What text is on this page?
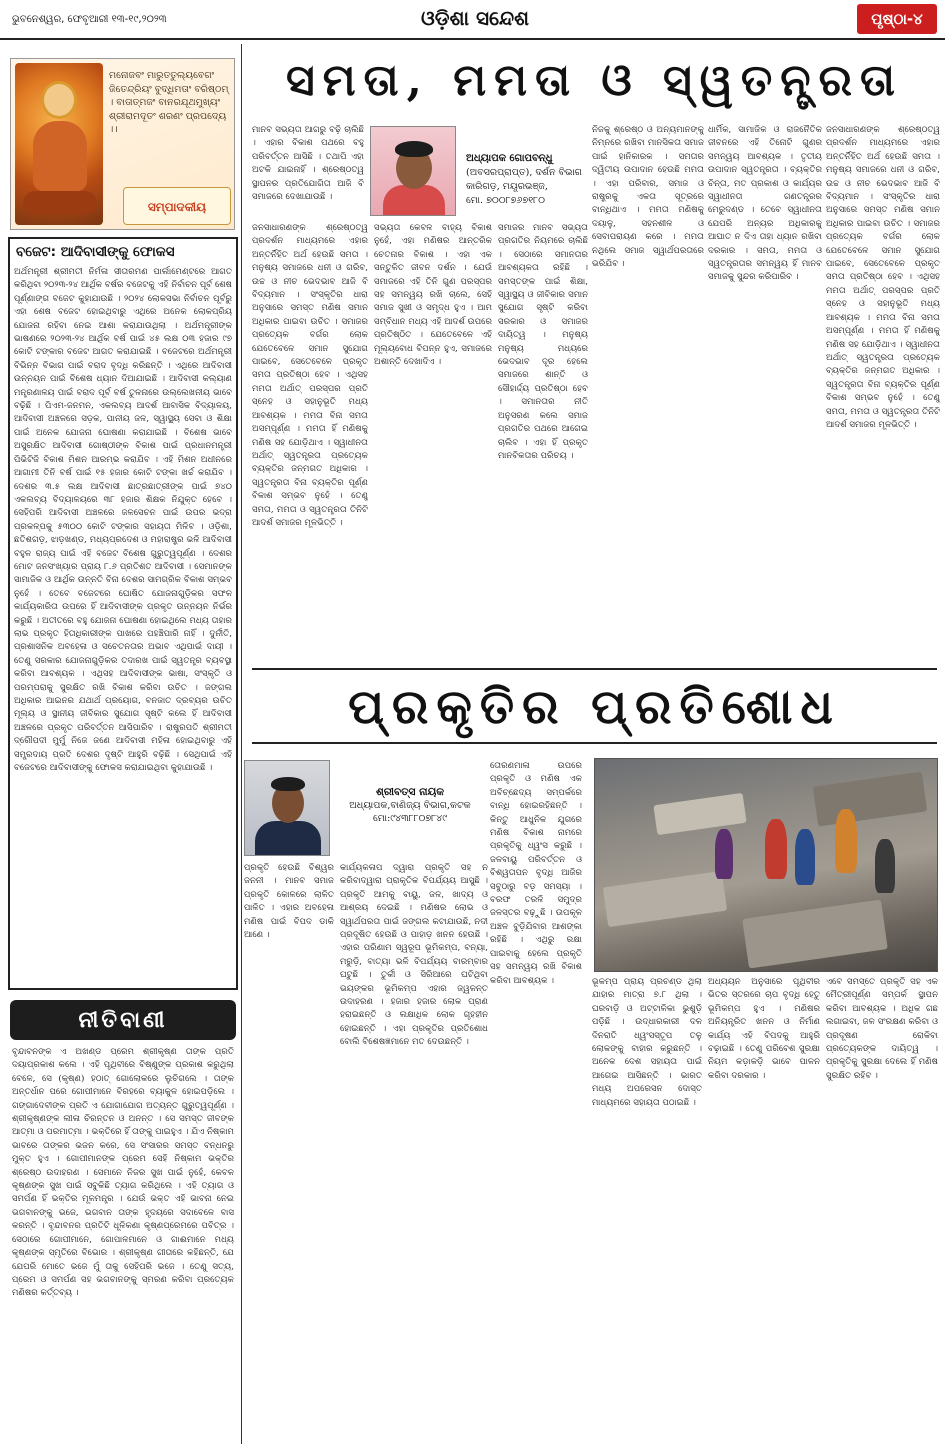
ଭୁବନେଶ୍ୱର, ଫେବୃଆରୀ ୧୩-୧୯,୨୦୨୩	ଓଡ଼ିଶା ସନ୍ଦେଶ	ପୃଷ୍ଠା-୪
ମନୋଜବଂ ମାରୁତତୁଲ୍ୟବେଗଂ ଜିତେନ୍ଦ୍ରିୟଂ ବୁଦ୍ଧିମତାଂ ବରିଷ୍ଠମ୍ । ବାତାତ୍ମଜଂ ବାନରଯୂଥମୁଖ୍ୟଂ ଶ୍ରୀରାମଦୂତଂ ଶରଣଂ ପ୍ରପଦ୍ୟେ ।।
ସମ୍ପାଦକୀୟ
ବଜେଟ: ଆଦିବାସୀଙ୍କୁ ଫୋକସ
ଅର୍ଥମନ୍ତ୍ରୀ ଶ୍ରୀମତୀ ନିର୍ମଳା ସୀତାରମଣ ପାର୍ଲାମେଣ୍ଟରେ ଆଗତ କରିଥିବା ୨୦୨୩-୨୪ ଆର୍ଥିକ ବର୍ଷର ବଜେଟକୁ ଏହି ନିର୍ବାଚନ ପୂର୍ବ ଶେଷ ପୂର୍ଣ୍ଣାଙ୍ଗ ବଜେଟ କୁହାଯାଉଛି । ୨୦୨୪ ଲୋକସଭା ନିର୍ବାଚନ ପୂର୍ବରୁ ଏହା ଶେଷ ବଜେଟ ହୋଇଥିବାରୁ ଏଥିରେ ଅନେକ ଲୋକପ୍ରିୟ ଯୋଜନା ରହିବା ନେଇ ଆଶା କରାଯାଉଥିଲା । ଅର୍ଥମନ୍ତ୍ରୀଙ୍କ ଭାଷଣରେ ୨୦୨୩-୨୪ ଆର୍ଥିକ ବର୍ଷ ପାଇଁ ୪୫ ଲକ୍ଷ ୦୩ ହଜାର ୯୭ କୋଟି ଟଙ୍କାର ବଜେଟ ଆଗତ କରାଯାଇଛି । ବଜେଟରେ ଅର୍ଥମନ୍ତ୍ରୀ ବିଭିନ୍ନ ବିଭାଗ ପାଇଁ ବରାଦ ବୃଦ୍ଧି କରିଛନ୍ତି । ଏଥିରେ ଆଦିବାସୀ ଉନ୍ନୟନ ପାଇଁ ବିଶେଷ ଧ୍ୟାନ ଦିଆଯାଇଛି । ଆଦିବାସୀ କଲ୍ୟାଣ ମନ୍ତ୍ରଣାଳୟ ପାଇଁ ବରାଦ ପୂର୍ବ ବର୍ଷ ତୁଳନାରେ ଉଲ୍ଲେଖନୀୟ ଭାବେ ବଢ଼ିଛି । ପିଏମ-ଜନମନ, ଏକଲବ୍ୟ ଆଦର୍ଶ ଆବାସିକ ବିଦ୍ୟାଳୟ, ଆଦିବାସୀ ଅଞ୍ଚଳରେ ସଡ଼କ, ପାନୀୟ ଜଳ, ସ୍ୱାସ୍ଥ୍ୟ ସେବା ଓ ଶିକ୍ଷା ପାଇଁ ଅନେକ ଯୋଜନା ଘୋଷଣା କରାଯାଇଛି । ବିଶେଷ ଭାବେ ଅସୁରକ୍ଷିତ ଆଦିବାସୀ ଗୋଷ୍ଠୀଙ୍କ ବିକାଶ ପାଇଁ ପ୍ରଧାନମନ୍ତ୍ରୀ ପିଭିଟିଜି ବିକାଶ ମିଶନ ଆରମ୍ଭ କରାଯିବ । ଏହି ମିଶନ ଅଧୀନରେ ଆଗାମୀ ତିନି ବର୍ଷ ପାଇଁ ୧୫ ହଜାର କୋଟି ଟଙ୍କା ଖର୍ଚ୍ଚ କରାଯିବ । ଦେଶର ୩.୫ ଲକ୍ଷ ଆଦିବାସୀ ଛାତ୍ରଛାତ୍ରୀଙ୍କ ପାଇଁ ୭୪୦ ଏକଲବ୍ୟ ବିଦ୍ୟାଳୟରେ ୩୮ ହଜାର ଶିକ୍ଷକ ନିଯୁକ୍ତ ହେବେ । ସେହିପରି ଆଦିବାସୀ ଅଞ୍ଚଳରେ ଜଳସେଚନ ପାଇଁ ଉପର ଭଦ୍ରା ପ୍ରକଳ୍ପକୁ ୫୩୦୦ କୋଟି ଟଙ୍କାର ସହାୟତା ମିଳିବ । ଓଡ଼ିଶା, ଛତିଶଗଡ଼, ଝାଡ଼ଖଣ୍ଡ, ମଧ୍ୟପ୍ରଦେଶ ଓ ମହାରାଷ୍ଟ୍ର ଭଳି ଆଦିବାସୀ ବହୁଳ ରାଜ୍ୟ ପାଇଁ ଏହି ବଜେଟ ବିଶେଷ ଗୁରୁତ୍ୱପୂର୍ଣ୍ଣ । ଦେଶର ମୋଟ ଜନସଂଖ୍ୟାର ପ୍ରାୟ ୮.୬ ପ୍ରତିଶତ ଆଦିବାସୀ । ସେମାନଙ୍କ ସାମାଜିକ ଓ ଆର୍ଥିକ ଉନ୍ନତି ବିନା ଦେଶର ସାମଗ୍ରିକ ବିକାଶ ସମ୍ଭବ ନୁହେଁ । ତେବେ ବଜେଟରେ ଘୋଷିତ ଯୋଜନାଗୁଡ଼ିକର ସଫଳ କାର୍ଯ୍ୟକାରିତା ଉପରେ ହିଁ ଆଦିବାସୀଙ୍କ ପ୍ରକୃତ ଉନ୍ନୟନ ନିର୍ଭର କରୁଛି । ଅତୀତରେ ବହୁ ଯୋଜନା ଘୋଷଣା ହୋଇଥିଲେ ମଧ୍ୟ ତାହାର ଲାଭ ପ୍ରକୃତ ହିତାଧିକାରୀଙ୍କ ପାଖରେ ପହଞ୍ଚିପାରି ନାହିଁ । ଦୁର୍ନୀତି, ପ୍ରଶାସନିକ ଅବହେଳା ଓ ସଚେତନତାର ଅଭାବ ଏଥିପାଇଁ ଦାୟୀ । ତେଣୁ ସରକାର ଯୋଜନାଗୁଡ଼ିକର ତଦାରଖ ପାଇଁ ସ୍ୱତନ୍ତ୍ର ବ୍ୟବସ୍ଥା କରିବା ଆବଶ୍ୟକ । ଏଥିସହ ଆଦିବାସୀଙ୍କ ଭାଷା, ସଂସ୍କୃତି ଓ ପରମ୍ପରାକୁ ସୁରକ୍ଷିତ ରଖି ବିକାଶ କରିବା ଉଚିତ । ଜଙ୍ଗଲ ଅଧିକାର ଆଇନର ଯଥାର୍ଥ ପ୍ରୟୋଗ, ବନଜାତ ଦ୍ରବ୍ୟର ଉଚିତ ମୂଲ୍ୟ ଓ ସ୍ଥାନୀୟ ଜୀବିକାର ସୁଯୋଗ ସୃଷ୍ଟି କଲେ ହିଁ ଆଦିବାସୀ ଅଞ୍ଚଳରେ ପ୍ରକୃତ ପରିବର୍ତ୍ତନ ଆସିପାରିବ । ରାଷ୍ଟ୍ରପତି ଶ୍ରୀମତୀ ଦ୍ରୌପଦୀ ମୁର୍ମୁ ନିଜେ ଜଣେ ଆଦିବାସୀ ମହିଳା ହୋଇଥିବାରୁ ଏହି ସମ୍ପ୍ରଦାୟ ପ୍ରତି ଦେଶର ଦୃଷ୍ଟି ଆହୁରି ବଢ଼ିଛି । ସେଥିପାଇଁ ଏହି ବଜେଟରେ ଆଦିବାସୀଙ୍କୁ ଫୋକସ କରାଯାଇଥିବା କୁହାଯାଉଛି ।
ନୀତିବାଣୀ
ବୃନ୍ଦାବନଙ୍କ ଏ ଅଖଣ୍ଡ ପ୍ରେମ ଶ୍ରୀକୃଷ୍ଣ ତାଙ୍କ ପ୍ରତି ଦୟାପ୍ରକାଶ କଲେ । ଏହି ପୃଥିବୀରେ ବିଷ୍ଣୁଙ୍କ ପ୍ରକାଶ କରୁଥିଲା ବେଳେ, ସେ (କୃଷ୍ଣ) ହଠାତ୍ ଗୋଲୋକରେ ଲୁଚିଗଲେ । ତାଙ୍କ ଅନ୍ତର୍ଧାନ ପରେ ଗୋପୀମାନେ ବିରହରେ ବ୍ୟାକୁଳ ହୋଇପଡ଼ିଲେ । ଗଙ୍ଗାଦେବୀଙ୍କ ପ୍ରତି ଏ ଯୋଗାଯୋଗ ଅତ୍ୟନ୍ତ ଗୁରୁତ୍ୱପୂର୍ଣ୍ଣ । ଶ୍ରୀକୃଷ୍ଣଙ୍କ ଲୀଳା ଚିରନ୍ତନ ଓ ଅନନ୍ତ । ସେ ସମସ୍ତ ଜୀବଙ୍କ ଆତ୍ମା ଓ ପରମାତ୍ମା । ଭକ୍ତିରେ ହିଁ ତାଙ୍କୁ ପାଇହୁଏ । ଯିଏ ନିଷ୍କାମ ଭାବରେ ତାଙ୍କର ଭଜନ କରେ, ସେ ସଂସାରର ସମସ୍ତ ବନ୍ଧନରୁ ମୁକ୍ତ ହୁଏ । ଗୋପୀମାନଙ୍କ ପ୍ରେମ ସେହି ନିଷ୍କାମ ଭକ୍ତିର ଶ୍ରେଷ୍ଠ ଉଦାହରଣ । ସେମାନେ ନିଜର ସୁଖ ପାଇଁ ନୁହେଁ, କେବଳ କୃଷ୍ଣଙ୍କ ସୁଖ ପାଇଁ ସବୁକିଛି ତ୍ୟାଗ କରିଥିଲେ । ଏହି ତ୍ୟାଗ ଓ ସମର୍ପଣ ହିଁ ଭକ୍ତିର ମୂଳମନ୍ତ୍ର । ଯେଉଁ ଭକ୍ତ ଏହି ଭାବନା ନେଇ ଭଗବାନଙ୍କୁ ଭଜେ, ଭଗବାନ ତାଙ୍କ ହୃଦୟରେ ସଦାବେଳେ ବାସ କରନ୍ତି । ବୃନ୍ଦାବନର ପ୍ରତିଟି ଧୂଳିକଣା କୃଷ୍ଣପ୍ରେମରେ ପବିତ୍ର । ସେଠାରେ ଗୋପୀମାନେ, ଗୋପାଳମାନେ ଓ ଗାଈମାନେ ମଧ୍ୟ କୃଷ୍ଣଙ୍କ ସ୍ମୃତିରେ ବିଭୋର । ଶ୍ରୀକୃଷ୍ଣ ଗୀତାରେ କହିଛନ୍ତି, ଯେ ଯେପରି ମୋତେ ଭଜେ ମୁଁ ତାକୁ ସେହିପରି ଭଜେ । ତେଣୁ ସତ୍ୟ, ପ୍ରେମ ଓ ସମର୍ପଣ ସହ ଭଗବାନଙ୍କୁ ସ୍ମରଣ କରିବା ପ୍ରତ୍ୟେକ ମଣିଷର କର୍ତ୍ତବ୍ୟ ।
ସମତା, ମମତା ଓ ସ୍ୱତନ୍ତ୍ରତା
ଅଧ୍ୟାପକ ଗୋପବନ୍ଧୁ
(ଅବସରପ୍ରାପ୍ତ), ଦର୍ଶନ ବିଭାଗ
କାରିଗଡ଼, ମୟୂରଭଞ୍ଜ,
ମୋ. ୭୦୦୮୭୬୭୧୮୦
ମାନବ ସଭ୍ୟତା ଆଗରୁ ବଢ଼ି ଚାଲିଛି । ଏହାର ବିକାଶ ପଥରେ ବହୁ ପରିବର୍ତ୍ତନ ଆସିଛି । ତଥାପି ଏହା ଅଟକି ଯାଇନାହିଁ । ଶ୍ରେଷ୍ଠତ୍ୱ ସ୍ଥାପନର ପ୍ରତିଯୋଗିତା ଆଜି ବି ସମାଜରେ ଦେଖାଯାଉଛି ।
ଜନସାଧାରଣଙ୍କ ଶ୍ରେଷ୍ଠତ୍ୱ ପ୍ରଦର୍ଶନ ମାଧ୍ୟମରେ ଏହାର ଅନ୍ତର୍ନିହିତ ଅର୍ଥ ହେଉଛି ସମତା । ମନୁଷ୍ୟ ସମାଜରେ ଧନୀ ଓ ଗରିବ, ଉଚ୍ଚ ଓ ନୀଚ ଭେଦଭାବ ଆଜି ବି ବିଦ୍ୟମାନ । ସଂସ୍କୃତିର ଧାରା ଅନୁସାରେ ସମସ୍ତ ମଣିଷ ସମାନ ଅଧିକାର ପାଇବା ଉଚିତ । ସମାଜର ପ୍ରତ୍ୟେକ ବର୍ଗର ଲୋକ ଯେତେବେଳେ ସମାନ ସୁଯୋଗ ପାଇବେ, ସେତେବେଳେ ପ୍ରକୃତ ସମତା ପ୍ରତିଷ୍ଠା ହେବ । ଏଥିସହ ମମତା ଅର୍ଥାତ୍ ପରସ୍ପର ପ୍ରତି ସ୍ନେହ ଓ ସହାନୁଭୂତି ମଧ୍ୟ ଆବଶ୍ୟକ । ମମତା ବିନା ସମତା ଅସମ୍ପୂର୍ଣ୍ଣ । ମମତା ହିଁ ମଣିଷକୁ ମଣିଷ ସହ ଯୋଡ଼ିଥାଏ । ସ୍ୱାଧୀନତା ଅର୍ଥାତ୍ ସ୍ୱତନ୍ତ୍ରତା ପ୍ରତ୍ୟେକ ବ୍ୟକ୍ତିର ଜନ୍ମଗତ ଅଧିକାର । ସ୍ୱତନ୍ତ୍ରତା ବିନା ବ୍ୟକ୍ତିର ପୂର୍ଣ୍ଣ ବିକାଶ ସମ୍ଭବ ନୁହେଁ । ତେଣୁ ସମତା, ମମତା ଓ ସ୍ୱତନ୍ତ୍ରତା ତିନିଟି ଆଦର୍ଶ ସମାଜର ମୂଳଭିତ୍ତି ।
ସଭ୍ୟତା କେବଳ ବାହ୍ୟ ବିକାଶ ନୁହେଁ, ଏହା ମଣିଷର ଆନ୍ତରିକ ଚେତନାର ବିକାଶ । ଏହା ଏକ ସନ୍ତୁଳିତ ଜୀବନ ଦର୍ଶନ । ଯେଉଁ ସମାଜରେ ଏହି ତିନି ଗୁଣ ପରସ୍ପର ସହ ସମନ୍ୱୟ ରଖି ଚାଲେ, ସେହି ସମାଜ ସୁଖୀ ଓ ସମୃଦ୍ଧ ହୁଏ । ଆମ ସମ୍ବିଧାନ ମଧ୍ୟ ଏହି ଆଦର୍ଶ ଉପରେ ପ୍ରତିଷ୍ଠିତ । ଯେତେବେଳେ ଏହି ମୂଲ୍ୟବୋଧ ବିପନ୍ନ ହୁଏ, ସମାଜରେ ଅଶାନ୍ତି ଦେଖାଦିଏ ।
ସମାଜର ମାନବ ସଭ୍ୟତା ପ୍ରଗତିର ନିୟମରେ ଚାଲିଛି । ସେଠାରେ ସମାନତାର ଆବଶ୍ୟକତା ରହିଛି । ସମସ୍ତଙ୍କ ପାଇଁ ଶିକ୍ଷା, ସ୍ୱାସ୍ଥ୍ୟ ଓ ଜୀବିକାର ସମାନ ସୁଯୋଗ ସୃଷ୍ଟି କରିବା ସରକାର ଓ ସମାଜର ଦାୟିତ୍ୱ । ମନୁଷ୍ୟ ମନୁଷ୍ୟ ମଧ୍ୟରେ ଭେଦଭାବ ଦୂର ହେଲେ ସମାଜରେ ଶାନ୍ତି ଓ ସୌହାର୍ଦ୍ଦ୍ୟ ପ୍ରତିଷ୍ଠା ହେବ । ସମାନତାର ନୀତି ଅନୁସରଣ କଲେ ସମାଜ ପ୍ରଗତିର ପଥରେ ଆଗେଇ ଚାଲିବ । ଏହା ହିଁ ପ୍ରକୃତ ମାନବିକତାର ପରିଚୟ ।
ନିଜକୁ ଶ୍ରେଷ୍ଠ ଓ ଅନ୍ୟମାନଙ୍କୁ ନିମ୍ନରେ ରଖିବା ମାନସିକତା ସମାଜ ପାଇଁ ହାନିକାରକ । ସମତାର ଦ୍ୱିତୀୟ ଉପାଦାନ ହେଉଛି ମମତା । ଏହା ପରିବାର, ସମାଜ ଓ ରାଷ୍ଟ୍ରକୁ ଏକତା ସୂତ୍ରରେ ବାନ୍ଧିଥାଏ । ମମତା ମଣିଷକୁ ଦୟାଳୁ, ସହନଶୀଳ ଓ ସେବାପରାୟଣ କରେ । ମମତା ନଥିଲେ ସମାଜ ସ୍ୱାର୍ଥପରତାରେ ଭରିଯିବ ।
ଧାର୍ମିକ, ସାମାଜିକ ଓ ରାଜନୈତିକ ଜୀବନରେ ଏହି ତିନୋଟି ଗୁଣର ସମନ୍ୱୟ ଆବଶ୍ୟକ । ତୃତୀୟ ଉପାଦାନ ସ୍ୱତନ୍ତ୍ରତା । ବ୍ୟକ୍ତିର ଚିନ୍ତା, ମତ ପ୍ରକାଶ ଓ କାର୍ଯ୍ୟର ସ୍ୱାଧୀନତା ଗଣତନ୍ତ୍ରର ମେରୁଦଣ୍ଡ । ତେବେ ସ୍ୱାଧୀନତା ଯେପରି ଅନ୍ୟର ଅଧିକାରକୁ ଆଘାତ ନ ଦିଏ ତାହା ଧ୍ୟାନ ରଖିବା ଦରକାର । ସମତା, ମମତା ଓ ସ୍ୱତନ୍ତ୍ରତାର ସମନ୍ୱୟ ହିଁ ମାନବ ସମାଜକୁ ସୁନ୍ଦର କରିପାରିବ ।
ଜନସାଧାରଣଙ୍କ ଶ୍ରେଷ୍ଠତ୍ୱ ପ୍ରଦର୍ଶନ ମାଧ୍ୟମରେ ଏହାର ଅନ୍ତର୍ନିହିତ ଅର୍ଥ ହେଉଛି ସମତା । ମନୁଷ୍ୟ ସମାଜରେ ଧନୀ ଓ ଗରିବ, ଉଚ୍ଚ ଓ ନୀଚ ଭେଦଭାବ ଆଜି ବି ବିଦ୍ୟମାନ । ସଂସ୍କୃତିର ଧାରା ଅନୁସାରେ ସମସ୍ତ ମଣିଷ ସମାନ ଅଧିକାର ପାଇବା ଉଚିତ । ସମାଜର ପ୍ରତ୍ୟେକ ବର୍ଗର ଲୋକ ଯେତେବେଳେ ସମାନ ସୁଯୋଗ ପାଇବେ, ସେତେବେଳେ ପ୍ରକୃତ ସମତା ପ୍ରତିଷ୍ଠା ହେବ । ଏଥିସହ ମମତା ଅର୍ଥାତ୍ ପରସ୍ପର ପ୍ରତି ସ୍ନେହ ଓ ସହାନୁଭୂତି ମଧ୍ୟ ଆବଶ୍ୟକ । ମମତା ବିନା ସମତା ଅସମ୍ପୂର୍ଣ୍ଣ । ମମତା ହିଁ ମଣିଷକୁ ମଣିଷ ସହ ଯୋଡ଼ିଥାଏ । ସ୍ୱାଧୀନତା ଅର୍ଥାତ୍ ସ୍ୱତନ୍ତ୍ରତା ପ୍ରତ୍ୟେକ ବ୍ୟକ୍ତିର ଜନ୍ମଗତ ଅଧିକାର । ସ୍ୱତନ୍ତ୍ରତା ବିନା ବ୍ୟକ୍ତିର ପୂର୍ଣ୍ଣ ବିକାଶ ସମ୍ଭବ ନୁହେଁ । ତେଣୁ ସମତା, ମମତା ଓ ସ୍ୱତନ୍ତ୍ରତା ତିନିଟି ଆଦର୍ଶ ସମାଜର ମୂଳଭିତ୍ତି ।
ପ୍ରକୃତିର ପ୍ରତିଶୋଧ
ଶ୍ରୀବତ୍ସ ନାୟକ
ଅଧ୍ୟାପକ,ବାଣିଜ୍ୟ ବିଭାଗ,କଟକ
ମୋ:୯୪୩୮୮୦୭୮୪୯
ପ୍ରକୃତି ହେଉଛି ବିଶ୍ୱର ଜନନୀ । ମାନବ ସମାଜ ପ୍ରକୃତି କୋଳରେ ଲାଳିତ ପାଳିତ । ଏହାର ଅବହେଳା ମଣିଷ ପାଇଁ ବିପଦ ଡାକି ଆଣେ ।
କାର୍ଯ୍ୟକଳାପ ଦ୍ୱାରା ପ୍ରକୃତି ସହ ନ କରିବାଦ୍ୱାରା ପ୍ରାକୃତିକ ବିପର୍ଯ୍ୟୟ ଆସୁଛି । ପ୍ରକୃତି ଆମକୁ ବାୟୁ, ଜଳ, ଖାଦ୍ୟ ଓ ଆଶ୍ରୟ ଦେଇଛି । ମଣିଷର ଲୋଭ ଓ ସ୍ୱାର୍ଥପରତା ପାଇଁ ଜଙ୍ଗଲ କଟାଯାଉଛି, ନଦୀ ପ୍ରଦୂଷିତ ହେଉଛି ଓ ପାହାଡ଼ ଖନନ ହେଉଛି । ଏହାର ପରିଣାମ ସ୍ୱରୂପ ଭୂମିକମ୍ପ, ବନ୍ୟା, ମରୁଡ଼ି, ବାତ୍ୟା ଭଳି ବିପର୍ଯ୍ୟୟ ବାରମ୍ବାର ଘଟୁଛି । ତୁର୍କୀ ଓ ସିରିଆରେ ଘଟିଥିବା ଭୟଙ୍କର ଭୂମିକମ୍ପ ଏହାର ଜ୍ୱଳନ୍ତ ଉଦାହରଣ । ହଜାର ହଜାର ଲୋକ ପ୍ରାଣ ହରାଇଛନ୍ତି ଓ ଲକ୍ଷାଧିକ ଲୋକ ଗୃହହୀନ ହୋଇଛନ୍ତି । ଏହା ପ୍ରକୃତିର ପ୍ରତିଶୋଧ ବୋଲି ବିଶେଷଜ୍ଞମାନେ ମତ ଦେଉଛନ୍ତି ।
ତୋରଣମାଳା ଉପରେ ପ୍ରକୃତି ଓ ମଣିଷ ଏକ ଅବିଚ୍ଛେଦ୍ୟ ସମ୍ପର୍କରେ ବାନ୍ଧି ହୋଇରହିଛନ୍ତି । କିନ୍ତୁ ଆଧୁନିକ ଯୁଗରେ ମଣିଷ ବିକାଶ ନାମରେ ପ୍ରକୃତିକୁ ଧ୍ୱଂସ କରୁଛି । ଜଳବାୟୁ ପରିବର୍ତ୍ତନ ଓ ବିଶ୍ୱତାପନ ବୃଦ୍ଧି ଆଜିର ସବୁଠାରୁ ବଡ଼ ସମସ୍ୟା । ବରଫ ତରଳି ସମୁଦ୍ର ଜଳସ୍ତର ବଢ଼ୁଛି । ଉପକୂଳ ଅଞ୍ଚଳ ବୁଡ଼ିଯିବାର ଆଶଙ୍କା ରହିଛି । ଏଥିରୁ ରକ୍ଷା ପାଇବାକୁ ହେଲେ ପ୍ରକୃତି ସହ ସମନ୍ୱୟ ରଖି ବିକାଶ କରିବା ଆବଶ୍ୟକ ।	ଭୂକମ୍ପ ପ୍ରାୟ ପ୍ରଚଣ୍ଡ ଥିଲା ଯାହାର ମାତ୍ରା ୭.୮ ଥିଲା । ଘରବାଡ଼ି ଓ ଅଟ୍ଟାଳିକା ଭୁଶୁଡ଼ି ପଡ଼ିଛି । ଉଦ୍ଧାରକାରୀ ଦଳ ଦିନରାତି ଧ୍ୱଂସସ୍ତୂପ ତଳୁ ଲୋକଙ୍କୁ ବାହାର କରୁଛନ୍ତି । ଅନେକ ଦେଶ ସହାୟତା ପାଇଁ ଆଗେଇ ଆସିଛନ୍ତି । ଭାରତ ମଧ୍ୟ ଅପରେସନ ଦୋସ୍ତ ମାଧ୍ୟମରେ ସହାୟତା ପଠାଇଛି ।
ଅଧ୍ୟୟନ ଅନୁସାରେ ପୃଥିବୀର ଭିତର ସ୍ତରରେ ଚାପ ବୃଦ୍ଧି ହେତୁ ଭୂମିକମ୍ପ ହୁଏ । ମଣିଷର ଅନିୟନ୍ତ୍ରିତ ଖନନ ଓ ନିର୍ମାଣ କାର୍ଯ୍ୟ ଏହି ବିପଦକୁ ଆହୁରି ବଢ଼ାଇଛି । ତେଣୁ ପରିବେଶ ସୁରକ୍ଷା ନିୟମ କଡ଼ାକଡ଼ି ଭାବେ ପାଳନ କରିବା ଦରକାର ।
ଏବେ ସମସ୍ତେ ପ୍ରକୃତି ସହ ଏକ ମୈତ୍ରୀପୂର୍ଣ୍ଣ ସମ୍ପର୍କ ସ୍ଥାପନ କରିବା ଆବଶ୍ୟକ । ଅଧିକ ଗଛ ଲଗାଇବା, ଜଳ ସଂରକ୍ଷଣ କରିବା ଓ ପ୍ରଦୂଷଣ ରୋକିବା ପ୍ରତ୍ୟେକଙ୍କ ଦାୟିତ୍ୱ । ପ୍ରକୃତିକୁ ସୁରକ୍ଷା ଦେଲେ ହିଁ ମଣିଷ ସୁରକ୍ଷିତ ରହିବ ।
